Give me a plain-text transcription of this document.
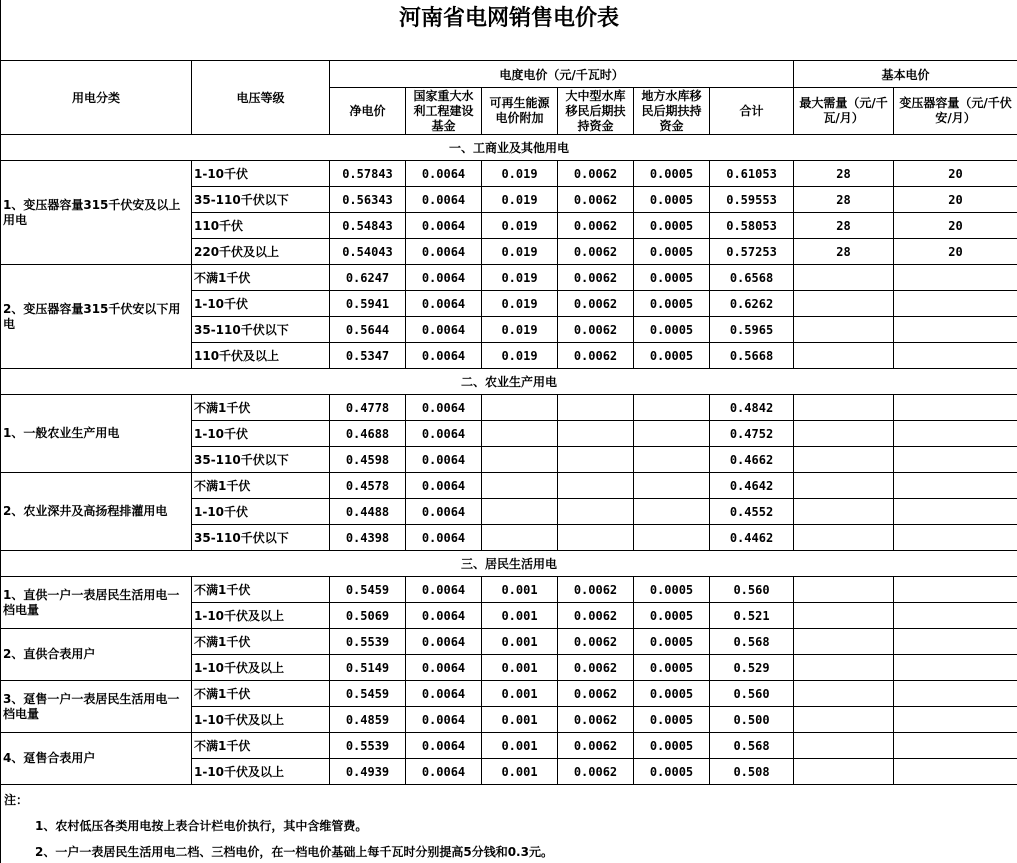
河南省电网销售电价表
用电分类	电压等级	电度电价（元/千瓦时）						基本电价	
		净电价	国家重大水利工程建设基金	可再生能源电价附加	大中型水库移民后期扶持资金	地方水库移民后期扶持资金	合计	最大需量（元/千瓦/月）	变压器容量（元/千伏安/月）
一、工商业及其他用电									
1、变压器容量315千伏安及以上用电	1-10千伏	0.57843	0.0064	0.019	0.0062	0.0005	0.61053	28	20
	35-110千伏以下	0.56343	0.0064	0.019	0.0062	0.0005	0.59553	28	20
	110千伏	0.54843	0.0064	0.019	0.0062	0.0005	0.58053	28	20
	220千伏及以上	0.54043	0.0064	0.019	0.0062	0.0005	0.57253	28	20
2、变压器容量315千伏安以下用电	不满1千伏	0.6247	0.0064	0.019	0.0062	0.0005	0.6568		
	1-10千伏	0.5941	0.0064	0.019	0.0062	0.0005	0.6262		
	35-110千伏以下	0.5644	0.0064	0.019	0.0062	0.0005	0.5965		
	110千伏及以上	0.5347	0.0064	0.019	0.0062	0.0005	0.5668		
二、农业生产用电									
1、一般农业生产用电	不满1千伏	0.4778	0.0064				0.4842		
	1-10千伏	0.4688	0.0064				0.4752		
	35-110千伏以下	0.4598	0.0064				0.4662		
2、农业深井及高扬程排灌用电	不满1千伏	0.4578	0.0064				0.4642		
	1-10千伏	0.4488	0.0064				0.4552		
	35-110千伏以下	0.4398	0.0064				0.4462		
三、居民生活用电									
1、直供一户一表居民生活用电一档电量	不满1千伏	0.5459	0.0064	0.001	0.0062	0.0005	0.560		
	1-10千伏及以上	0.5069	0.0064	0.001	0.0062	0.0005	0.521		
2、直供合表用户	不满1千伏	0.5539	0.0064	0.001	0.0062	0.0005	0.568		
	1-10千伏及以上	0.5149	0.0064	0.001	0.0062	0.0005	0.529		
3、趸售一户一表居民生活用电一档电量	不满1千伏	0.5459	0.0064	0.001	0.0062	0.0005	0.560		
	1-10千伏及以上	0.4859	0.0064	0.001	0.0062	0.0005	0.500		
4、趸售合表用户	不满1千伏	0.5539	0.0064	0.001	0.0062	0.0005	0.568		
	1-10千伏及以上	0.4939	0.0064	0.001	0.0062	0.0005	0.508		
注：
1、农村低压各类用电按上表合计栏电价执行，其中含维管费。
2、一户一表居民生活用电二档、三档电价，在一档电价基础上每千瓦时分别提高5分钱和0.3元。
